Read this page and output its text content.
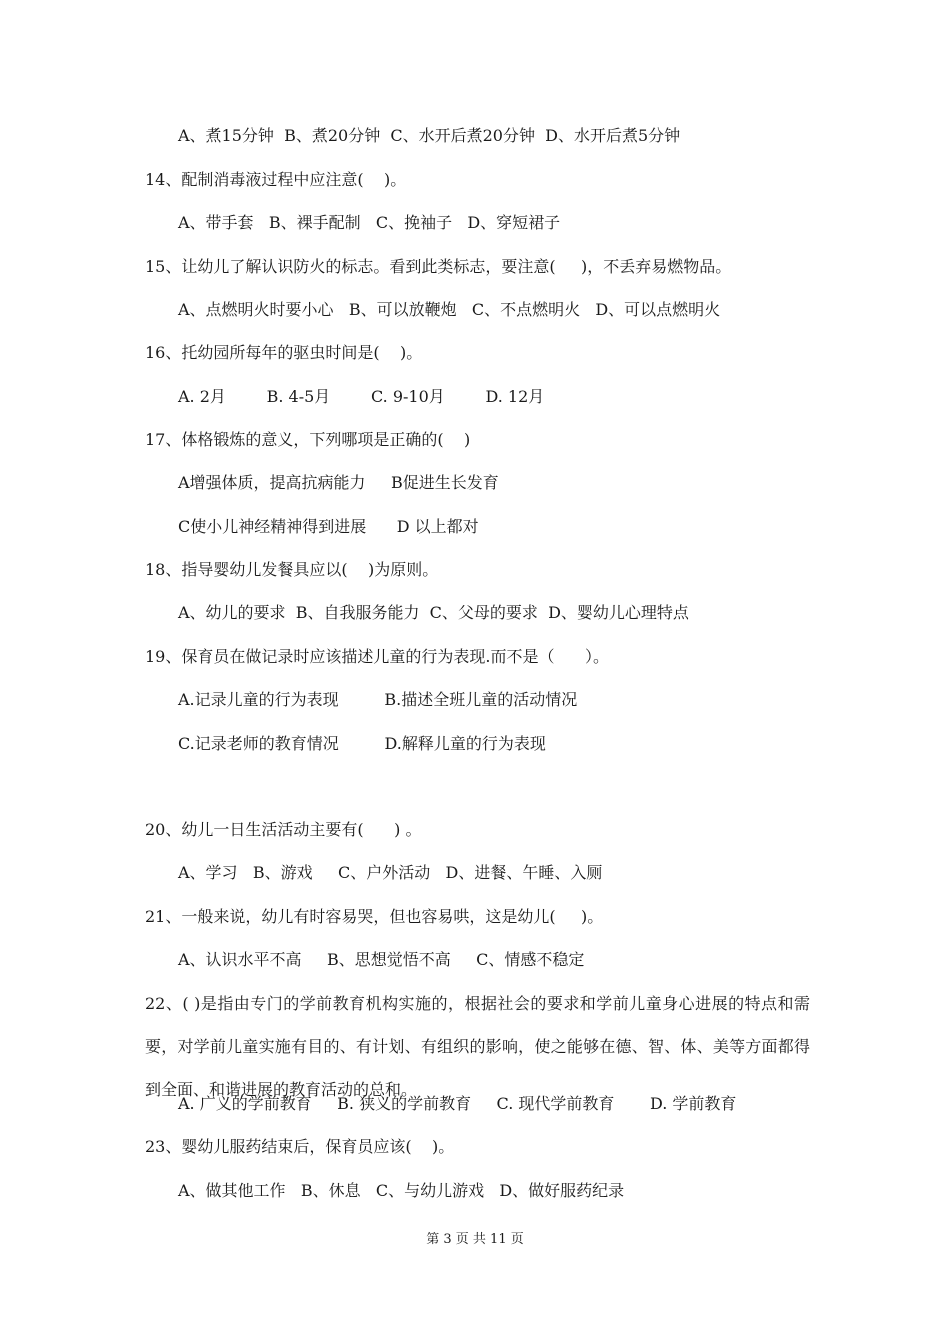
A、煮15分钟  B、煮20分钟  C、水开后煮20分钟  D、水开后煮5分钟
14、配制消毒液过程中应注意(    )。
A、带手套   B、裸手配制   C、挽袖子   D、穿短裙子
15、让幼儿了解认识防火的标志。看到此类标志，要注意(     )，不丢弃易燃物品。
A、点燃明火时要小心   B、可以放鞭炮   C、不点燃明火   D、可以点燃明火
16、托幼园所每年的驱虫时间是(    )。
A. 2月        B. 4-5月        C. 9-10月        D. 12月
17、体格锻炼的意义，下列哪项是正确的(    )
A增强体质，提高抗病能力     B促进生长发育
C使小儿神经精神得到进展      D 以上都对
18、指导婴幼儿发餐具应以(    )为原则。
A、幼儿的要求  B、自我服务能力  C、父母的要求  D、婴幼儿心理特点
19、保育员在做记录时应该描述儿童的行为表现.而不是（      ）。
A.记录儿童的行为表现         B.描述全班儿童的活动情况
C.记录老师的教育情况         D.解释儿童的行为表现
20、幼儿一日生活活动主要有(      ) 。
A、学习   B、游戏     C、户外活动   D、进餐、午睡、入厕
21、一般来说，幼儿有时容易哭，但也容易哄，这是幼儿(     )。
A、认识水平不高     B、思想觉悟不高     C、情感不稳定
22、( )是指由专门的学前教育机构实施的，根据社会的要求和学前儿童身心进展的特点和需要，对学前儿童实施有目的、有计划、有组织的影响，使之能够在德、智、体、美等方面都得到全面、和谐进展的教育活动的总和。
A. 广义的学前教育     B. 狭义的学前教育     C. 现代学前教育       D. 学前教育
23、婴幼儿服药结束后，保育员应该(    )。
A、做其他工作   B、休息   C、与幼儿游戏   D、做好服药纪录
第 3 页 共 11 页
